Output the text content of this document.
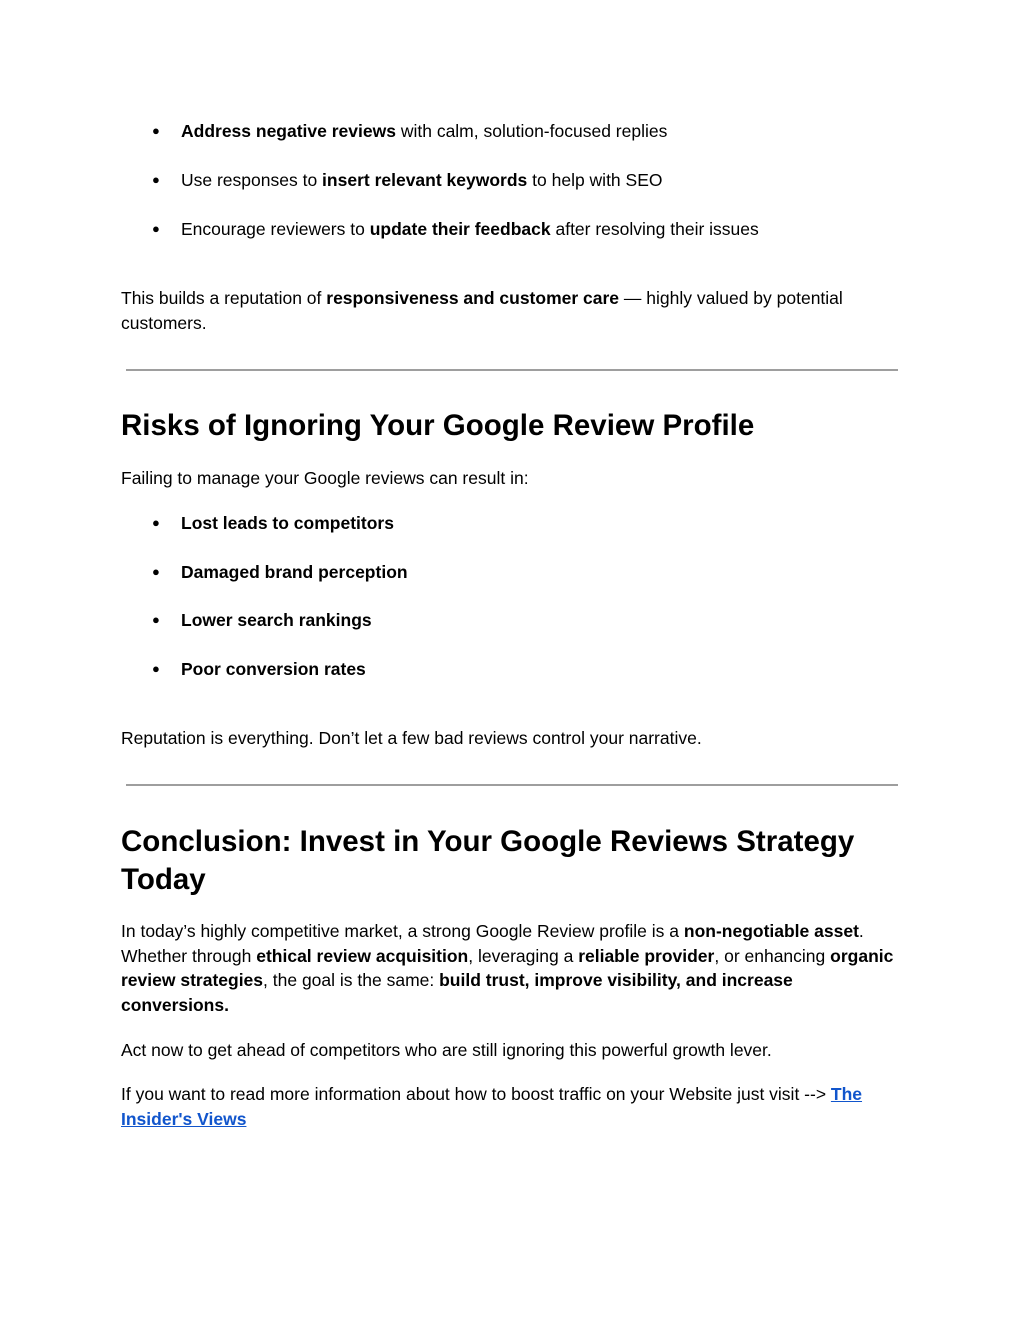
● Address negative reviews with calm, solution-focused replies
● Use responses to insert relevant keywords to help with SEO
● Encourage reviewers to update their feedback after resolving their issues

This builds a reputation of responsiveness and customer care — highly valued by potential customers.

Risks of Ignoring Your Google Review Profile

Failing to manage your Google reviews can result in:

● Lost leads to competitors
● Damaged brand perception
● Lower search rankings
● Poor conversion rates

Reputation is everything. Don’t let a few bad reviews control your narrative.

Conclusion: Invest in Your Google Reviews Strategy Today

In today’s highly competitive market, a strong Google Review profile is a non-negotiable asset. Whether through ethical review acquisition, leveraging a reliable provider, or enhancing organic review strategies, the goal is the same: build trust, improve visibility, and increase conversions.

Act now to get ahead of competitors who are still ignoring this powerful growth lever.

If you want to read more information about how to boost traffic on your Website just visit --> The Insider's Views
